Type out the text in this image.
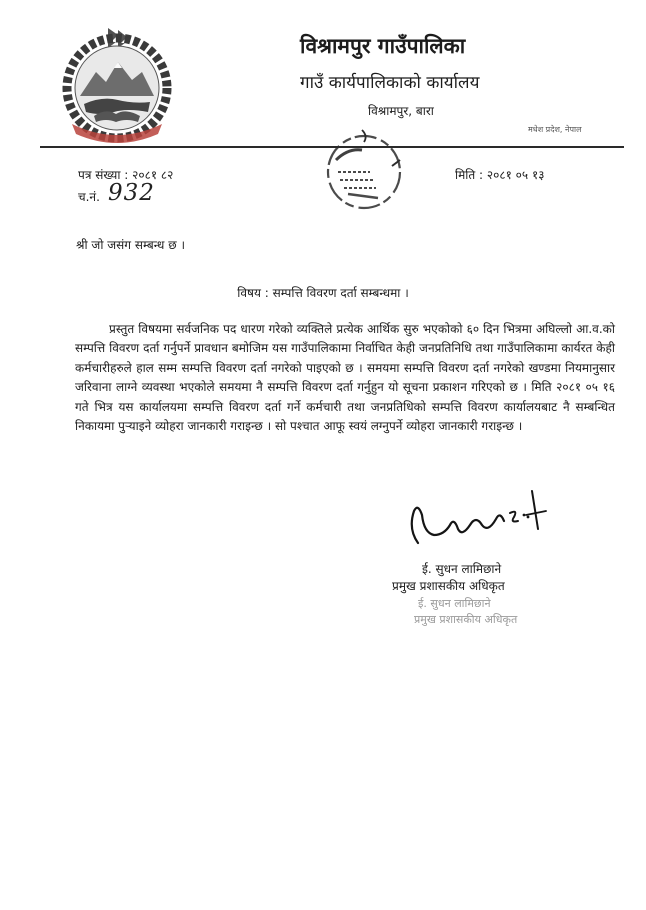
विश्रामपुर गाउँपालिका
गाउँ कार्यपालिकाको कार्यालय
विश्रामपुर, बारा
मधेश प्रदेश, नेपाल
पत्र संख्या : २०८१ ८२	मिति : २०८१ ०५ १३
च.नं. 932
श्री जो जसंग सम्बन्ध छ ।
विषय : सम्पत्ति विवरण दर्ता सम्बन्धमा ।
प्रस्तुत विषयमा सर्वजनिक पद धारण गरेको व्यक्तिले प्रत्येक आर्थिक सुरु भएकोको ६० दिन भित्रमा अघिल्लो आ.व.को सम्पत्ति विवरण दर्ता गर्नुपर्ने प्रावधान बमोजिम यस गाउँपालिकामा निर्वाचित केही जनप्रतिनिधि तथा गाउँपालिकामा कार्यरत केही कर्मचारीहरुले हाल सम्म सम्पत्ति विवरण दर्ता नगरेको पाइएको छ । समयमा सम्पत्ति विवरण दर्ता नगरेको खण्डमा नियमानुसार जरिवाना लाग्ने व्यवस्था भएकोले समयमा नै सम्पत्ति विवरण दर्ता गर्नुहुन यो सूचना प्रकाशन गरिएको छ । मिति २०८१ ०५ १६ गते भित्र यस कार्यालयमा सम्पत्ति विवरण दर्ता गर्ने कर्मचारी तथा जनप्रतिधिको सम्पत्ति विवरण कार्यालयबाट नै सम्बन्धित निकायमा पुऱ्याइने व्योहरा जानकारी गराइन्छ । सो पश्चात आफू स्वयं लग्नुपर्ने व्योहरा जानकारी गराइन्छ ।
ई. सुधन लामिछाने
प्रमुख प्रशासकीय अधिकृत
ई. सुधन लामिछाने
प्रमुख प्रशासकीय अधिकृत
